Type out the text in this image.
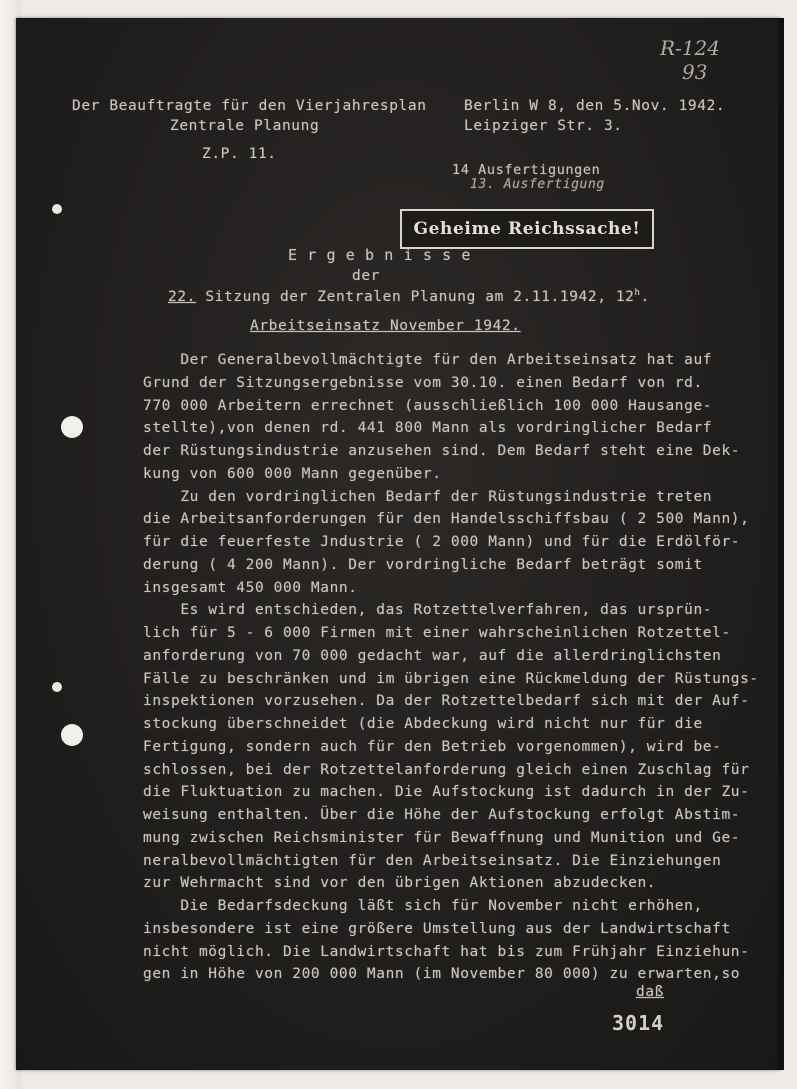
Der Beauftragte für den Vierjahresplan
Zentrale Planung
Z.P. 11.
Berlin W 8, den 5.Nov. 1942.
Leipziger Str. 3.
14 Ausfertigungen
13. Ausfertigung
Geheime Reichssache!
R-124
93
E r g e b n i s s e
der
22. Sitzung der Zentralen Planung am 2.11.1942, 12$^h$.
Arbeitseinsatz November 1942.
Der Generalbevollmächtigte für den Arbeitseinsatz hat auf
Grund der Sitzungsergebnisse vom 30.10. einen Bedarf von rd.
770 000 Arbeitern errechnet (ausschließlich 100 000 Hausange-
stellte),von denen rd. 441 800 Mann als vordringlicher Bedarf
der Rüstungsindustrie anzusehen sind. Dem Bedarf steht eine Dek-
kung von 600 000 Mann gegenüber.
Zu den vordringlichen Bedarf der Rüstungsindustrie treten
die Arbeitsanforderungen für den Handelsschiffsbau ( 2 500 Mann),
für die feuerfeste Jndustrie ( 2 000 Mann) und für die Erdölför-
derung ( 4 200 Mann). Der vordringliche Bedarf beträgt somit
insgesamt 450 000 Mann.
Es wird entschieden, das Rotzettelverfahren, das ursprün-
lich für 5 - 6 000 Firmen mit einer wahrscheinlichen Rotzettel-
anforderung von 70 000 gedacht war, auf die allerdringlichsten
Fälle zu beschränken und im übrigen eine Rückmeldung der Rüstungs-
inspektionen vorzusehen. Da der Rotzettelbedarf sich mit der Auf-
stockung überschneidet (die Abdeckung wird nicht nur für die
Fertigung, sondern auch für den Betrieb vorgenommen), wird be-
schlossen, bei der Rotzettelanforderung gleich einen Zuschlag für
die Fluktuation zu machen. Die Aufstockung ist dadurch in der Zu-
weisung enthalten. Über die Höhe der Aufstockung erfolgt Abstim-
mung zwischen Reichsminister für Bewaffnung und Munition und Ge-
neralbevollmächtigten für den Arbeitseinsatz. Die Einziehungen
zur Wehrmacht sind vor den übrigen Aktionen abzudecken.
Die Bedarfsdeckung läßt sich für November nicht erhöhen,
insbesondere ist eine größere Umstellung aus der Landwirtschaft
nicht möglich. Die Landwirtschaft hat bis zum Frühjahr Einziehun-
gen in Höhe von 200 000 Mann (im November 80 000) zu erwarten,so
daß
3014
